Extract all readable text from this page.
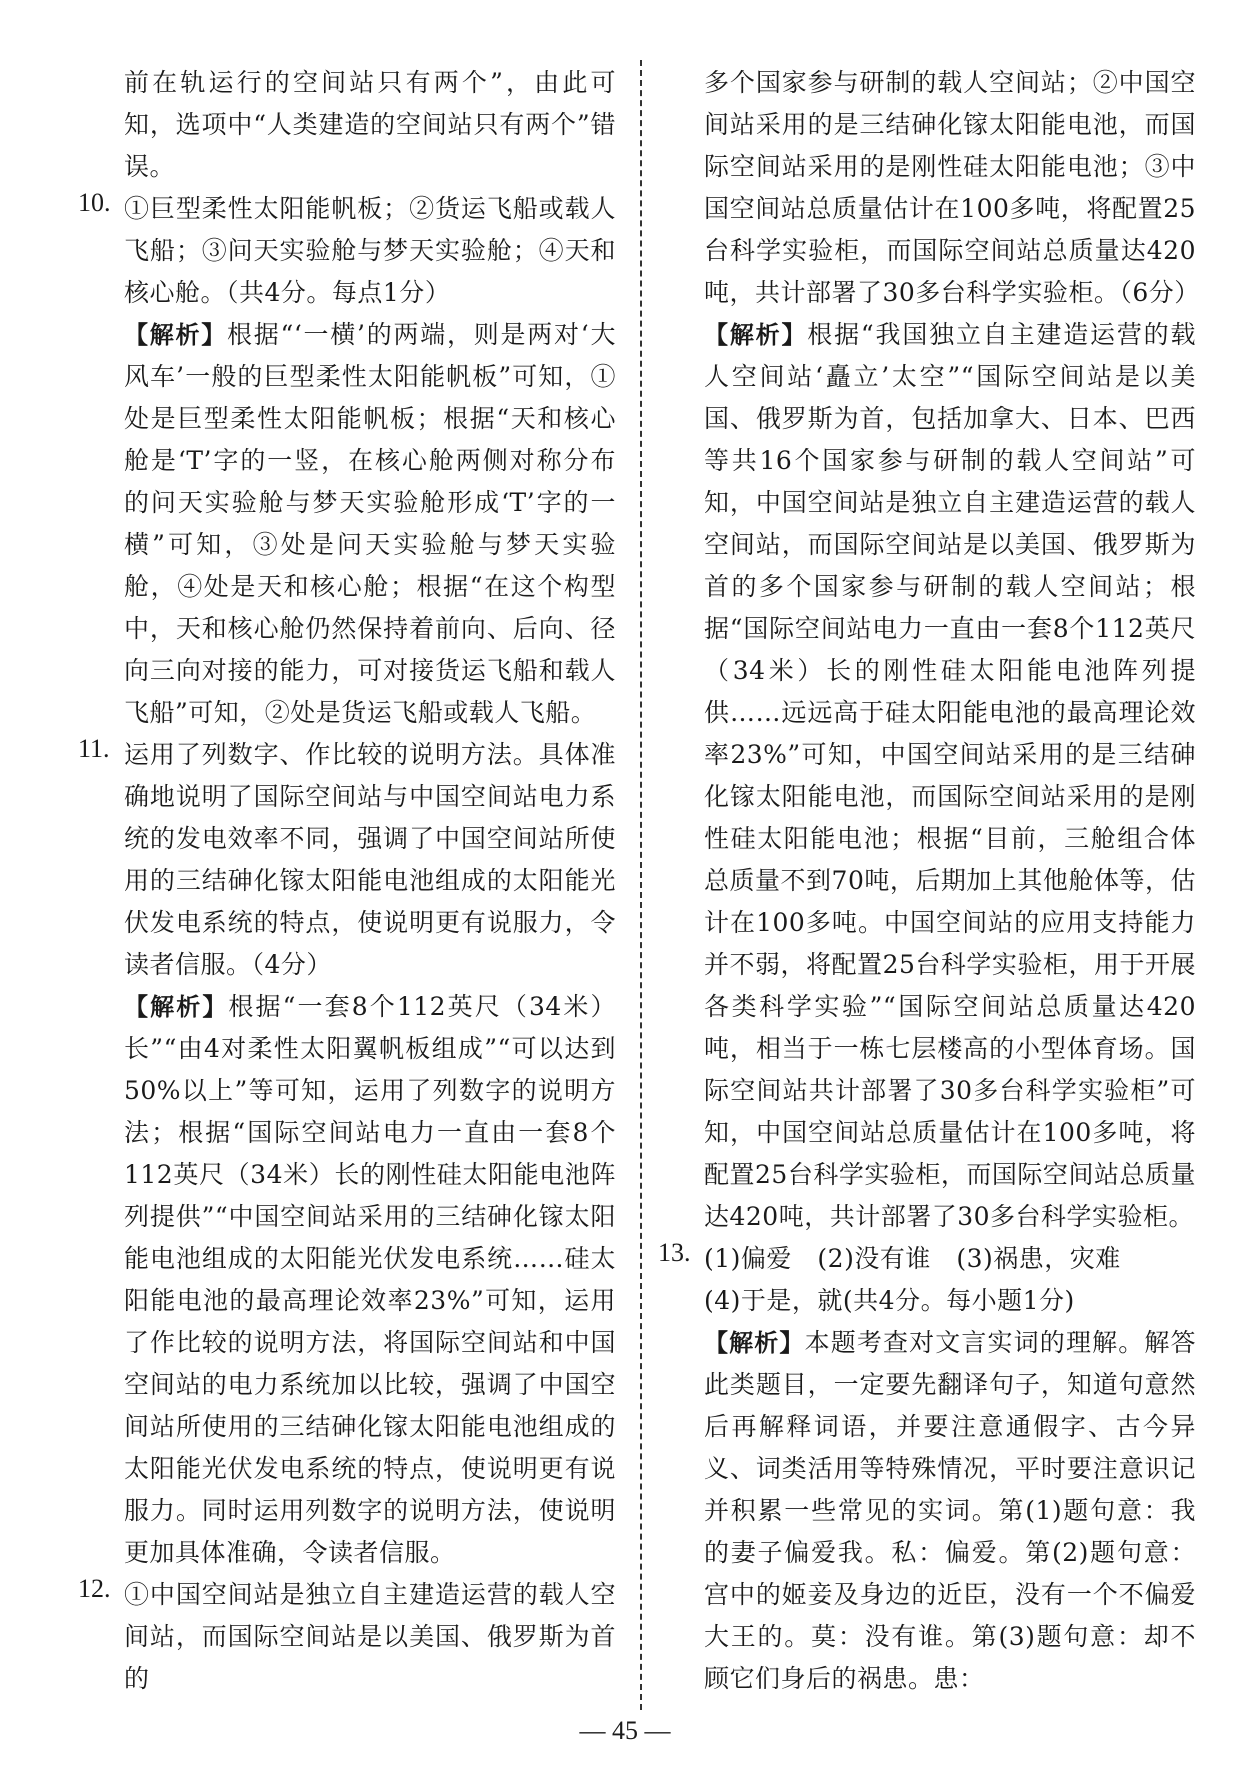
前在轨运行的空间站只有两个”，由此可知，选项中“人类建造的空间站只有两个”错误。

10. ①巨型柔性太阳能帆板；②货运飞船或载人飞船；③问天实验舱与梦天实验舱；④天和核心舱。（共4分。每点1分）

【解析】根据“‘一横’的两端，则是两对‘大风车’一般的巨型柔性太阳能帆板”可知，①处是巨型柔性太阳能帆板；根据“天和核心舱是‘T’字的一竖，在核心舱两侧对称分布的问天实验舱与梦天实验舱形成‘T’字的一横”可知，③处是问天实验舱与梦天实验舱，④处是天和核心舱；根据“在这个构型中，天和核心舱仍然保持着前向、后向、径向三向对接的能力，可对接货运飞船和载人飞船”可知，②处是货运飞船或载人飞船。

11. 运用了列数字、作比较的说明方法。具体准确地说明了国际空间站与中国空间站电力系统的发电效率不同，强调了中国空间站所使用的三结砷化镓太阳能电池组成的太阳能光伏发电系统的特点，使说明更有说服力，令读者信服。（4分）

【解析】根据“一套8个112英尺（34米）长”“由4对柔性太阳翼帆板组成”“可以达到50%以上”等可知，运用了列数字的说明方法；根据“国际空间站电力一直由一套8个112英尺（34米）长的刚性硅太阳能电池阵列提供”“中国空间站采用的三结砷化镓太阳能电池组成的太阳能光伏发电系统……硅太阳能电池的最高理论效率23%”可知，运用了作比较的说明方法，将国际空间站和中国空间站的电力系统加以比较，强调了中国空间站所使用的三结砷化镓太阳能电池组成的太阳能光伏发电系统的特点，使说明更有说服力。同时运用列数字的说明方法，使说明更加具体准确，令读者信服。

12. ①中国空间站是独立自主建造运营的载人空间站，而国际空间站是以美国、俄罗斯为首的

多个国家参与研制的载人空间站；②中国空间站采用的是三结砷化镓太阳能电池，而国际空间站采用的是刚性硅太阳能电池；③中国空间站总质量估计在100多吨，将配置25台科学实验柜，而国际空间站总质量达420吨，共计部署了30多台科学实验柜。（6分）

【解析】根据“我国独立自主建造运营的载人空间站‘矗立’太空”“国际空间站是以美国、俄罗斯为首，包括加拿大、日本、巴西等共16个国家参与研制的载人空间站”可知，中国空间站是独立自主建造运营的载人空间站，而国际空间站是以美国、俄罗斯为首的多个国家参与研制的载人空间站；根据“国际空间站电力一直由一套8个112英尺（34米）长的刚性硅太阳能电池阵列提供……远远高于硅太阳能电池的最高理论效率23%”可知，中国空间站采用的是三结砷化镓太阳能电池，而国际空间站采用的是刚性硅太阳能电池；根据“目前，三舱组合体总质量不到70吨，后期加上其他舱体等，估计在100多吨。中国空间站的应用支持能力并不弱，将配置25台科学实验柜，用于开展各类科学实验”“国际空间站总质量达420吨，相当于一栋七层楼高的小型体育场。国际空间站共计部署了30多台科学实验柜”可知，中国空间站总质量估计在100多吨，将配置25台科学实验柜，而国际空间站总质量达420吨，共计部署了30多台科学实验柜。

13. (1)偏爱　(2)没有谁　(3)祸患，灾难

(4)于是，就(共4分。每小题1分)

【解析】本题考查对文言实词的理解。解答此类题目，一定要先翻译句子，知道句意然后再解释词语，并要注意通假字、古今异义、词类活用等特殊情况，平时要注意识记并积累一些常见的实词。第(1)题句意：我的妻子偏爱我。私：偏爱。第(2)题句意：宫中的姬妾及身边的近臣，没有一个不偏爱大王的。莫：没有谁。第(3)题句意：却不顾它们身后的祸患。患：

— 45 —
